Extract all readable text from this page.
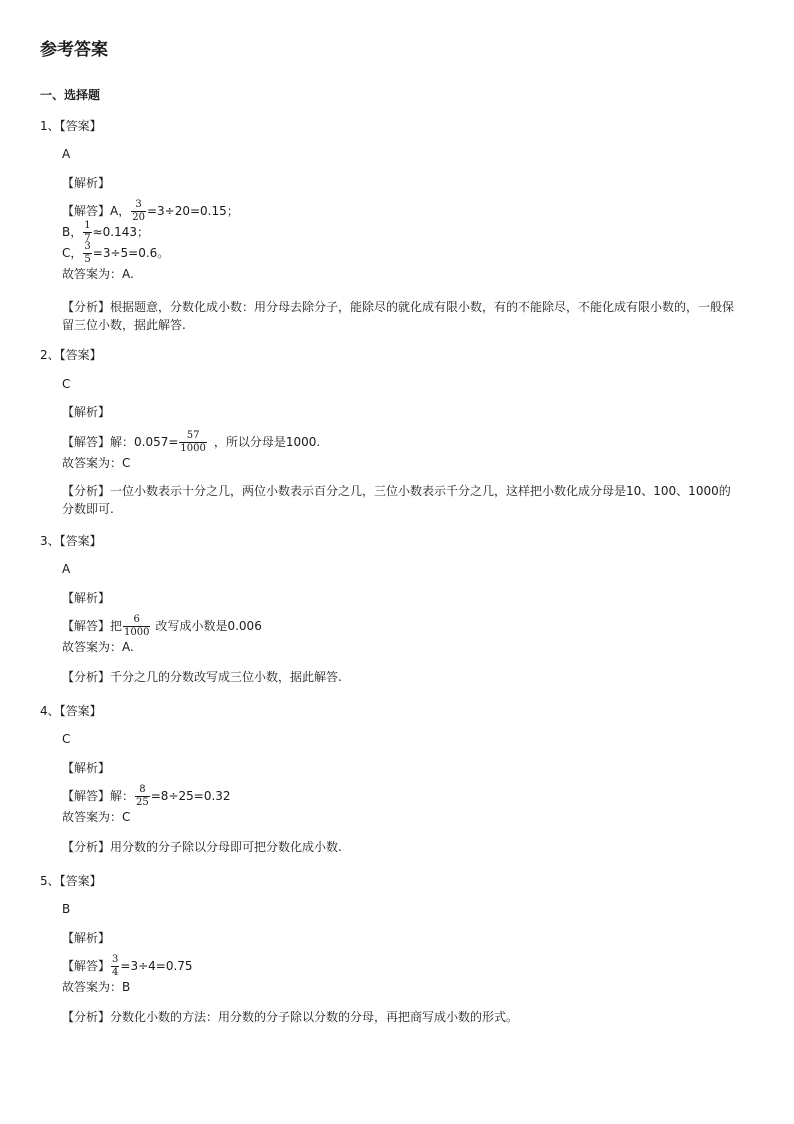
参考答案
一、选择题
1、【答案】
A
【解析】
【解答】A， $\frac{3}{20} =3\div 20=0.15$；
B， $\frac{1}{7} \approx 0.143$；
C， $\frac{3}{5} =3\div 5=0.6$。
故答案为：A.
【分析】根据题意，分数化成小数：用分母去除分子，能除尽的就化成有限小数，有的不能除尽，不能化成有限小数的，一般保留三位小数，据此解答.
2、【答案】
C
【解析】
【解答】解：$0.057= \frac{57}{1000}$ ，所以分母是1000.
故答案为：C
【分析】一位小数表示十分之几，两位小数表示百分之几，三位小数表示千分之几，这样把小数化成分母是10、100、1000的分数即可.
3、【答案】
A
【解析】
【解答】把 $\frac{6}{1000}$ 改写成小数是0.006
故答案为：A.
【分析】千分之几的分数改写成三位小数，据此解答.
4、【答案】
C
【解析】
【解答】解： $\frac{8}{25} =8\div 25=0.32$
故答案为：C
【分析】用分数的分子除以分母即可把分数化成小数.
5、【答案】
B
【解析】
【解答】 $\frac{3}{4} =3\div 4=0.75$
故答案为：B
【分析】分数化小数的方法：用分数的分子除以分数的分母，再把商写成小数的形式。
